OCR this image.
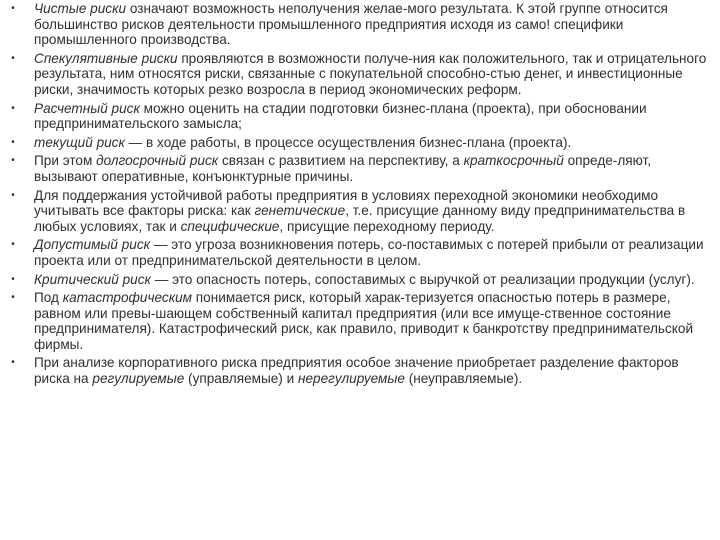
• Чистые риски означают возможность неполучения желае-мого результата. К этой группе относится большинство рисков деятельности промышленного предприятия исходя из само! специфики промышленного производства.
• Спекулятивные риски проявляются в возможности получе-ния как положительного, так и отрицательного результата, ним относятся риски, связанные с покупательной способно-стью денег, и инвестиционные риски, значимость которых резко возросла в период экономических реформ.
• Расчетный риск можно оценить на стадии подготовки бизнес-плана (проекта), при обосновании предпринимательского замысла;
• текущий риск — в ходе работы, в процессе осуществления бизнес-плана (проекта).
• При этом долгосрочный риск связан с развитием на перспективу, а краткосрочный опреде-ляют, вызывают оперативные, конъюнктурные причины.
• Для поддержания устойчивой работы предприятия в условиях переходной экономики необходимо учитывать все факторы риска: как генетические, т.е. присущие данному виду предпринимательства в любых условиях, так и специфические, присущие переходному периоду.
• Допустимый риск — это угроза возникновения потерь, со-поставимых с потерей прибыли от реализации проекта или от предпринимательской деятельности в целом.
• Критический риск — это опасность потерь, сопоставимых с выручкой от реализации продукции (услуг).
• Под катастрофическим понимается риск, который харак-теризуется опасностью потерь в размере, равном или превы-шающем собственный капитал предприятия (или все имуще-ственное состояние предпринимателя). Катастрофический риск, как правило, приводит к банкротству предпринимательской фирмы.
• При анализе корпоративного риска предприятия особое значение приобретает разделение факторов риска на регулируемые (управляемые) и нерегулируемые (неуправляемые).
